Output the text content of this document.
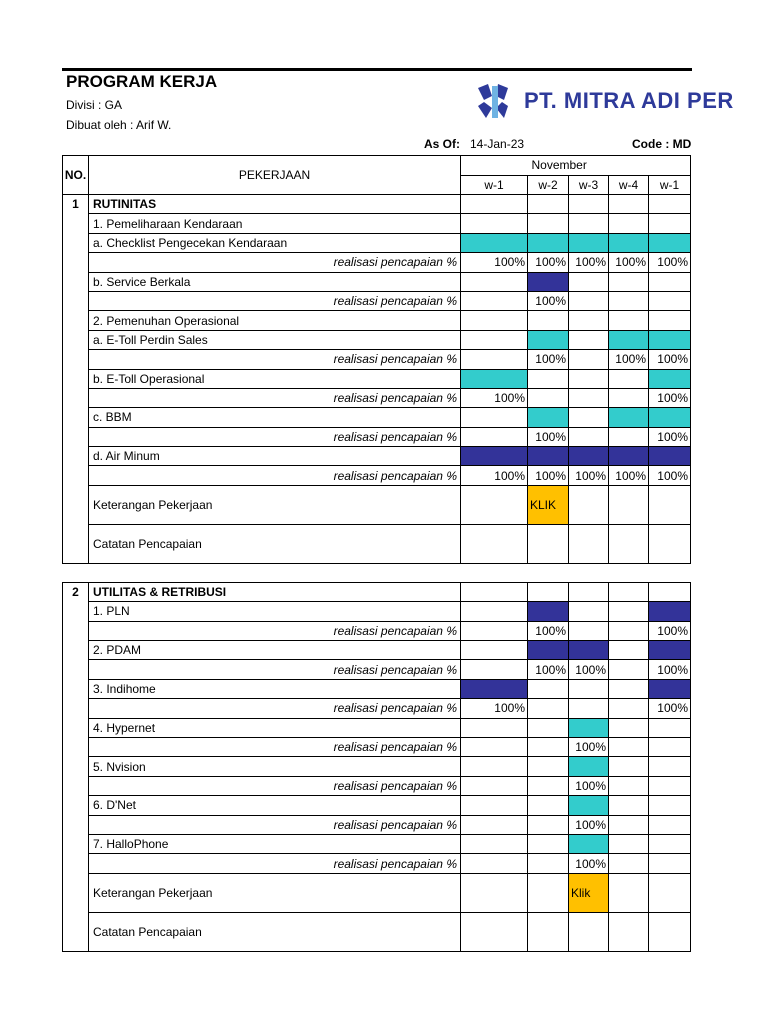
PROGRAM KERJA
Divisi : GA
Dibuat oleh : Arif W.
PT. MITRA ADI PER
As Of: 14-Jan-23	Code : MD
NO.	PEKERJAAN		November			
		w-1	w-2	w-3	w-4	w-1
1	RUTINITAS					
	1. Pemeliharaan Kendaraan					
	a. Checklist Pengecekan Kendaraan					
	realisasi pencapaian %	100%	100%	100%	100%	100%
	b. Service Berkala					
	realisasi pencapaian %		100%			
	2. Pemenuhan Operasional					
	a. E-Toll Perdin Sales					
	realisasi pencapaian %		100%		100%	100%
	b. E-Toll Operasional					
	realisasi pencapaian %	100%				100%
	c. BBM					
	realisasi pencapaian %		100%			100%
	d. Air Minum					
	realisasi pencapaian %	100%	100%	100%	100%	100%
	Keterangan Pekerjaan		KLIK			
	Catatan Pencapaian					

2	UTILITAS & RETRIBUSI					
	1. PLN					
	realisasi pencapaian %		100%			100%
	2. PDAM					
	realisasi pencapaian %		100%	100%		100%
	3. Indihome					
	realisasi pencapaian %	100%				100%
	4. Hypernet					
	realisasi pencapaian %			100%		
	5. Nvision					
	realisasi pencapaian %			100%		
	6. D'Net					
	realisasi pencapaian %			100%		
	7. HalloPhone					
	realisasi pencapaian %			100%		
	Keterangan Pekerjaan			Klik		
	Catatan Pencapaian					
